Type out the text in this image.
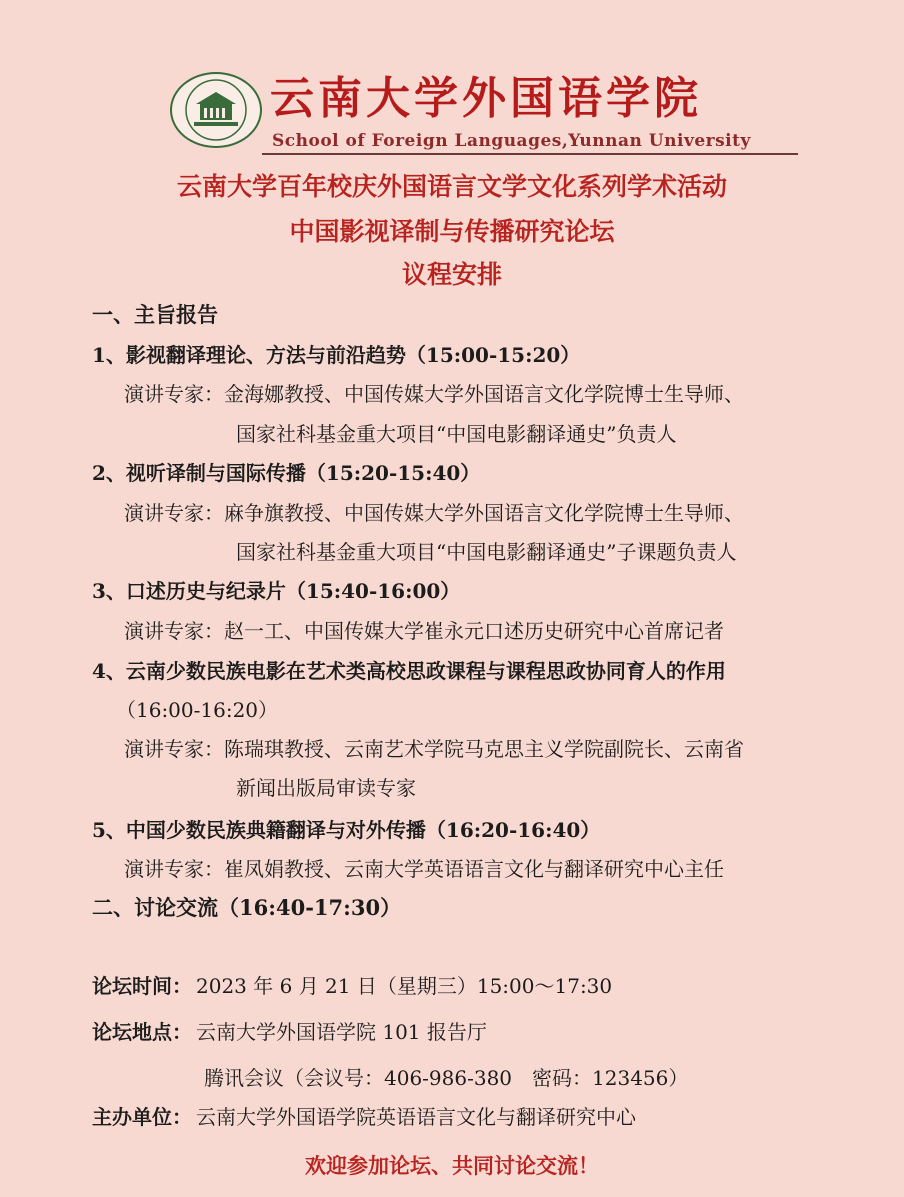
云南大学外国语学院
School of Foreign Languages,Yunnan University
云南大学百年校庆外国语言文学文化系列学术活动
中国影视译制与传播研究论坛
议程安排
一、主旨报告
1、影视翻译理论、方法与前沿趋势（15:00-15:20）
演讲专家：金海娜教授、中国传媒大学外国语言文化学院博士生导师、
国家社科基金重大项目“中国电影翻译通史”负责人
2、视听译制与国际传播（15:20-15:40）
演讲专家：麻争旗教授、中国传媒大学外国语言文化学院博士生导师、
国家社科基金重大项目“中国电影翻译通史”子课题负责人
3、口述历史与纪录片（15:40-16:00）
演讲专家：赵一工、中国传媒大学崔永元口述历史研究中心首席记者
4、云南少数民族电影在艺术类高校思政课程与课程思政协同育人的作用
（16:00-16:20）
演讲专家：陈瑞琪教授、云南艺术学院马克思主义学院副院长、云南省
新闻出版局审读专家
5、中国少数民族典籍翻译与对外传播（16:20-16:40）
演讲专家：崔凤娟教授、云南大学英语语言文化与翻译研究中心主任
二、讨论交流（16:40-17:30）
论坛时间： 2023 年 6 月 21 日（星期三）15:00～17:30
论坛地点： 云南大学外国语学院 101 报告厅
腾讯会议（会议号：406-986-380　密码：123456）
主办单位： 云南大学外国语学院英语语言文化与翻译研究中心
欢迎参加论坛、共同讨论交流！
